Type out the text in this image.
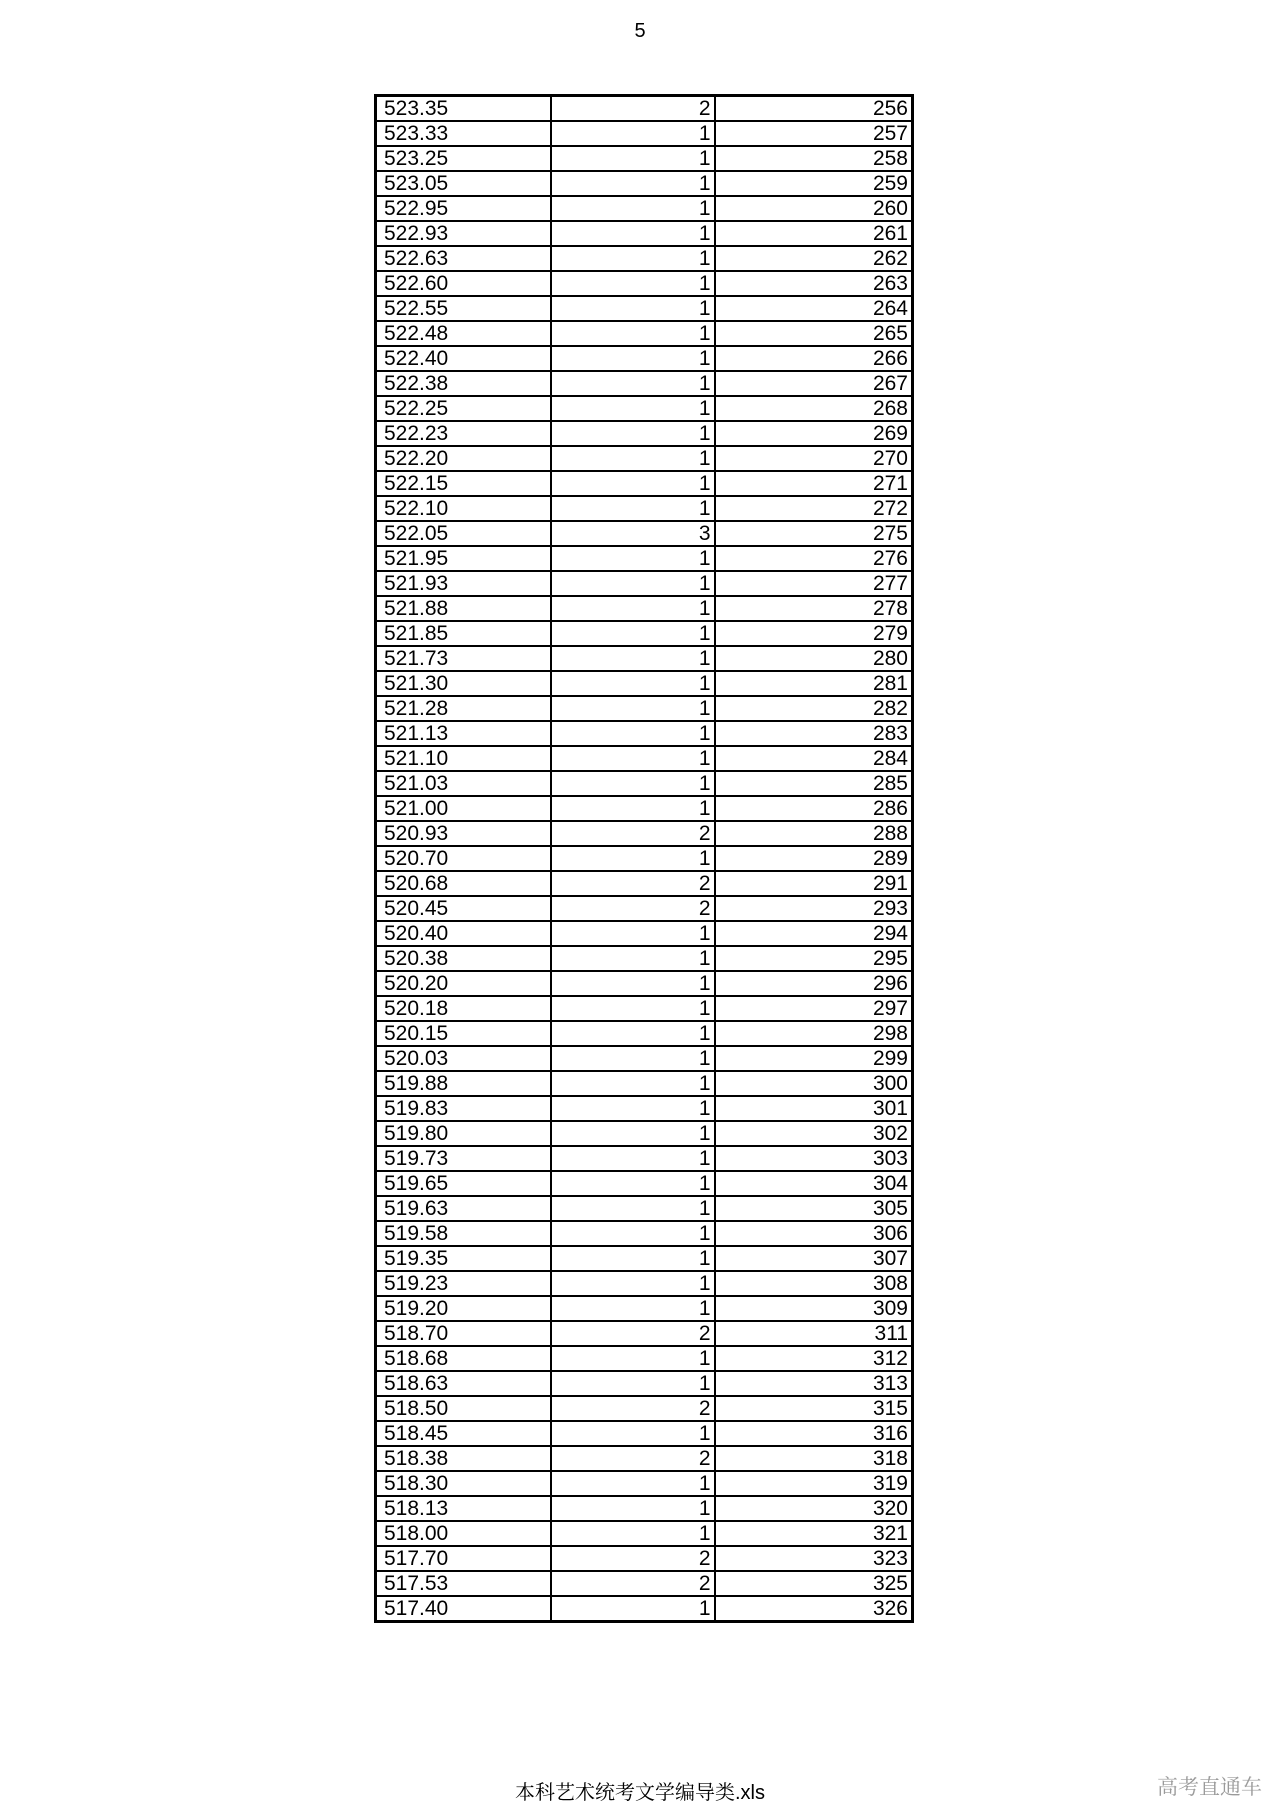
5
523.35	2	256
523.33	1	257
523.25	1	258
523.05	1	259
522.95	1	260
522.93	1	261
522.63	1	262
522.60	1	263
522.55	1	264
522.48	1	265
522.40	1	266
522.38	1	267
522.25	1	268
522.23	1	269
522.20	1	270
522.15	1	271
522.10	1	272
522.05	3	275
521.95	1	276
521.93	1	277
521.88	1	278
521.85	1	279
521.73	1	280
521.30	1	281
521.28	1	282
521.13	1	283
521.10	1	284
521.03	1	285
521.00	1	286
520.93	2	288
520.70	1	289
520.68	2	291
520.45	2	293
520.40	1	294
520.38	1	295
520.20	1	296
520.18	1	297
520.15	1	298
520.03	1	299
519.88	1	300
519.83	1	301
519.80	1	302
519.73	1	303
519.65	1	304
519.63	1	305
519.58	1	306
519.35	1	307
519.23	1	308
519.20	1	309
518.70	2	311
518.68	1	312
518.63	1	313
518.50	2	315
518.45	1	316
518.38	2	318
518.30	1	319
518.13	1	320
518.00	1	321
517.70	2	323
517.53	2	325
517.40	1	326
本科艺术统考文学编导类.xls	高考直通车
